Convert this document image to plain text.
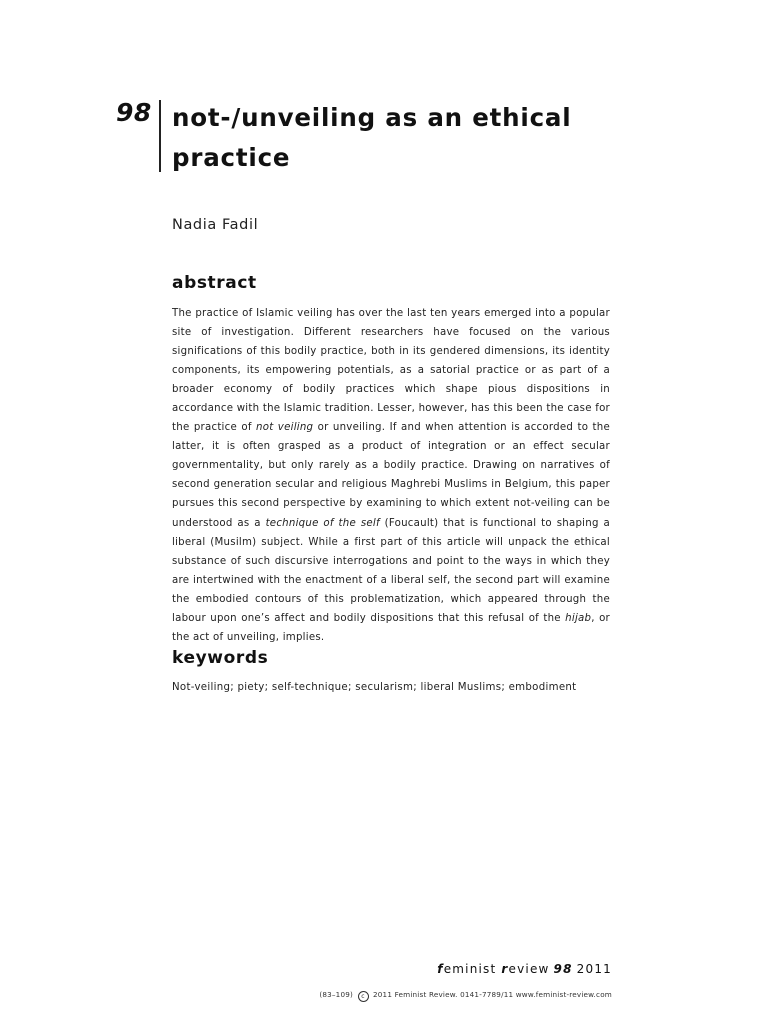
98 not-/unveiling as an ethical practice
Nadia Fadil
abstract

The practice of Islamic veiling has over the last ten years emerged into a popular site of investigation. Different researchers have focused on the various significations of this bodily practice, both in its gendered dimensions, its identity components, its empowering potentials, as a satorial practice or as part of a broader economy of bodily practices which shape pious dispositions in accordance with the Islamic tradition. Lesser, however, has this been the case for the practice of not veiling or unveiling. If and when attention is accorded to the latter, it is often grasped as a product of integration or an effect secular governmentality, but only rarely as a bodily practice. Drawing on narratives of second generation secular and religious Maghrebi Muslims in Belgium, this paper pursues this second perspective by examining to which extent not-veiling can be understood as a technique of the self (Foucault) that is functional to shaping a liberal (Musilm) subject. While a first part of this article will unpack the ethical substance of such discursive interrogations and point to the ways in which they are intertwined with the enactment of a liberal self, the second part will examine the embodied contours of this problematization, which appeared through the labour upon one’s affect and bodily dispositions that this refusal of the hijab, or the act of unveiling, implies.

keywords
Not-veiling; piety; self-technique; secularism; liberal Muslims; embodiment
feminist review 98 2011
(83–109) c 2011 Feminist Review. 0141-7789/11 www.feminist-review.com
